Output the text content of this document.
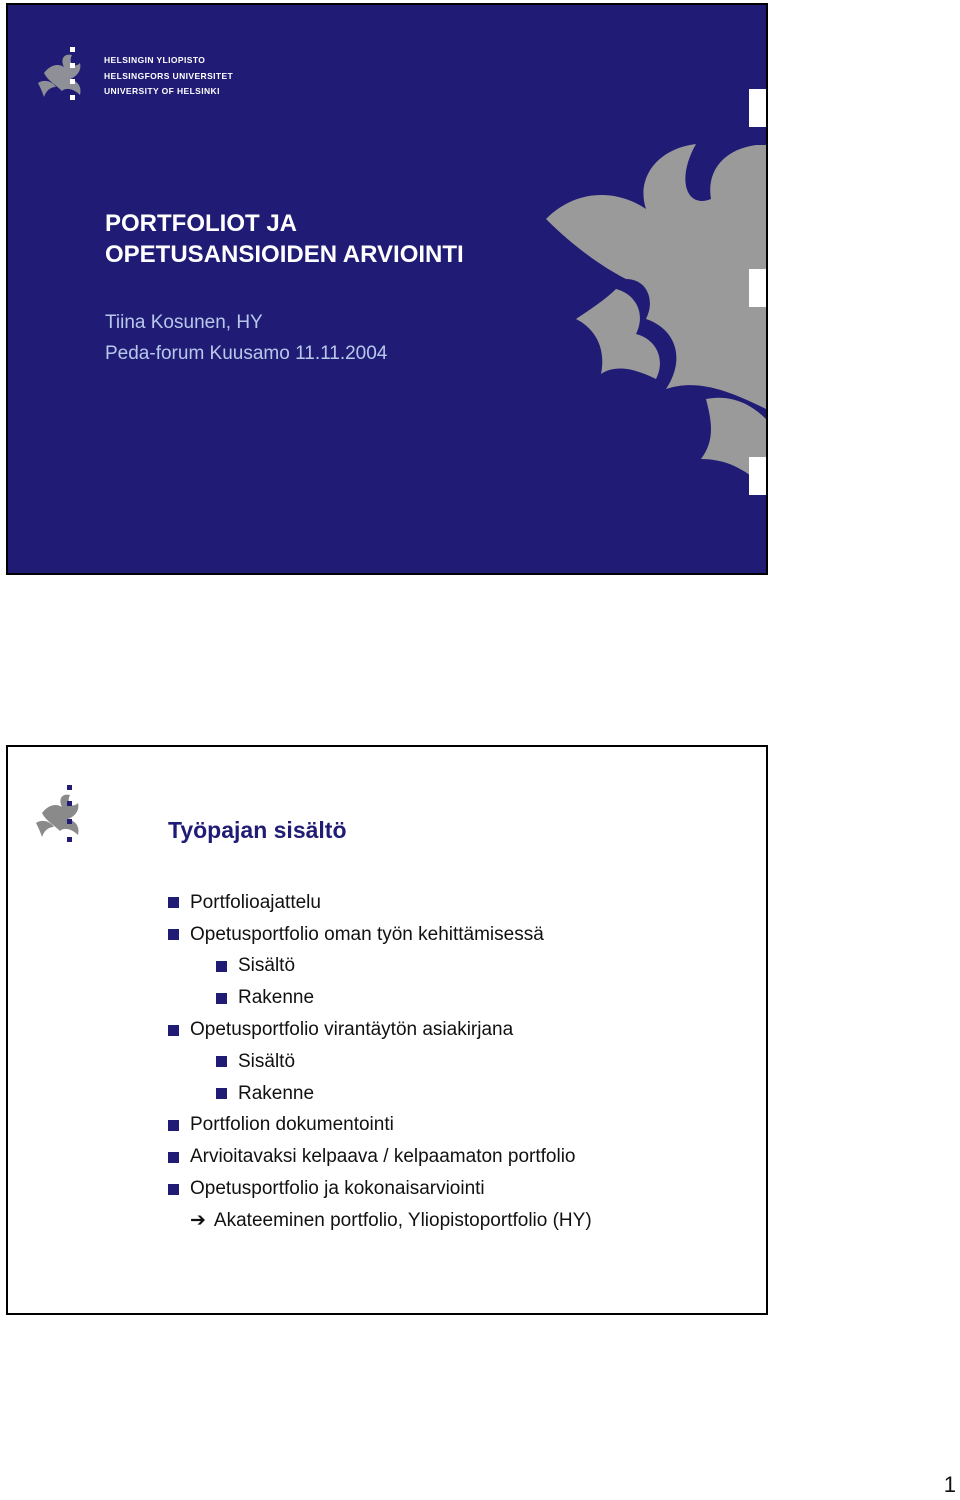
HELSINGIN YLIOPISTO
HELSINGFORS UNIVERSITET
UNIVERSITY OF HELSINKI
PORTFOLIOT JA
OPETUSANSIOIDEN ARVIOINTI
Tiina Kosunen, HY
Peda-forum Kuusamo 11.11.2004
Työpajan sisältö
Portfolioajattelu
Opetusportfolio oman työn kehittämisessä
Sisältö
Rakenne
Opetusportfolio virantäytön asiakirjana
Sisältö
Rakenne
Portfolion dokumentointi
Arvioitavaksi kelpaava / kelpaamaton portfolio
Opetusportfolio ja kokonaisarviointi
➔ Akateeminen portfolio, Yliopistoportfolio (HY)
1
